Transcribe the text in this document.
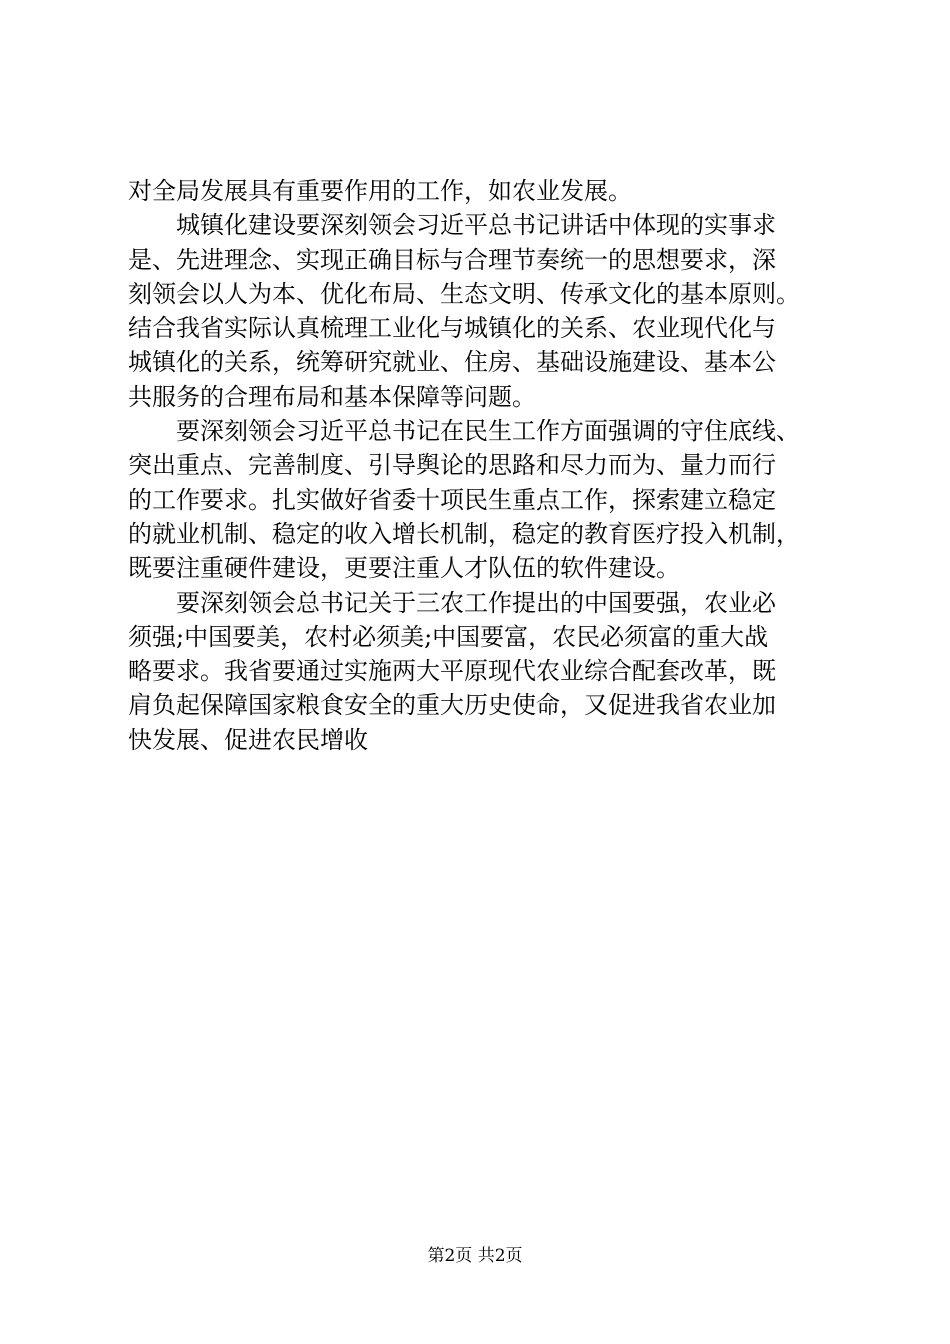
对全局发展具有重要作用的工作，如农业发展。
　　城镇化建设要深刻领会习近平总书记讲话中体现的实事求
是、先进理念、实现正确目标与合理节奏统一的思想要求，深
刻领会以人为本、优化布局、生态文明、传承文化的基本原则。
结合我省实际认真梳理工业化与城镇化的关系、农业现代化与
城镇化的关系，统筹研究就业、住房、基础设施建设、基本公
共服务的合理布局和基本保障等问题。
　　要深刻领会习近平总书记在民生工作方面强调的守住底线、
突出重点、完善制度、引导舆论的思路和尽力而为、量力而行
的工作要求。扎实做好省委十项民生重点工作，探索建立稳定
的就业机制、稳定的收入增长机制，稳定的教育医疗投入机制，
既要注重硬件建设，更要注重人才队伍的软件建设。
　　要深刻领会总书记关于三农工作提出的中国要强，农业必
须强;中国要美，农村必须美;中国要富，农民必须富的重大战
略要求。我省要通过实施两大平原现代农业综合配套改革，既
肩负起保障国家粮食安全的重大历史使命，又促进我省农业加
快发展、促进农民增收
第2页 共2页
